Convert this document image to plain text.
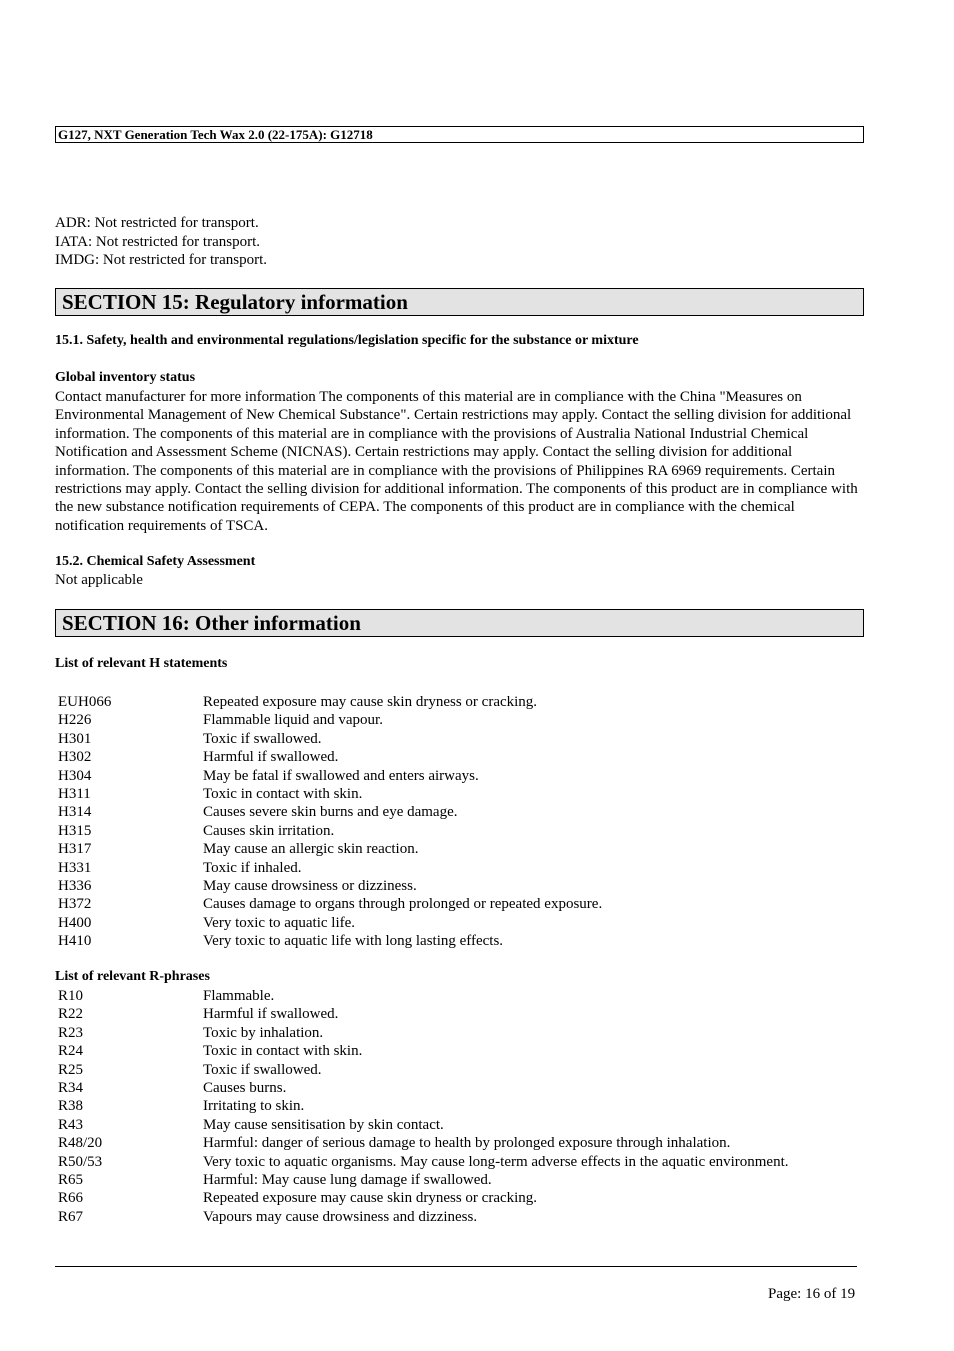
G127, NXT Generation Tech Wax 2.0 (22-175A): G12718
ADR: Not restricted for transport.
IATA: Not restricted for transport.
IMDG: Not restricted for transport.
SECTION 15: Regulatory information
15.1. Safety, health and environmental regulations/legislation specific for the substance or mixture
Global inventory status
Contact manufacturer for more information The components of this material are in compliance with the China "Measures on Environmental Management of New Chemical Substance". Certain restrictions may apply. Contact the selling division for additional information. The components of this material are in compliance with the provisions of Australia National Industrial Chemical Notification and Assessment Scheme (NICNAS). Certain restrictions may apply. Contact the selling division for additional information. The components of this material are in compliance with the provisions of Philippines RA 6969 requirements. Certain restrictions may apply. Contact the selling division for additional information. The components of this product are in compliance with the new substance notification requirements of CEPA. The components of this product are in compliance with the chemical notification requirements of TSCA.
15.2. Chemical Safety Assessment
Not applicable
SECTION 16: Other information
List of relevant H statements
EUH066	Repeated exposure may cause skin dryness or cracking.
H226	Flammable liquid and vapour.
H301	Toxic if swallowed.
H302	Harmful if swallowed.
H304	May be fatal if swallowed and enters airways.
H311	Toxic in contact with skin.
H314	Causes severe skin burns and eye damage.
H315	Causes skin irritation.
H317	May cause an allergic skin reaction.
H331	Toxic if inhaled.
H336	May cause drowsiness or dizziness.
H372	Causes damage to organs through prolonged or repeated exposure.
H400	Very toxic to aquatic life.
H410	Very toxic to aquatic life with long lasting effects.
List of relevant R-phrases
R10	Flammable.
R22	Harmful if swallowed.
R23	Toxic by inhalation.
R24	Toxic in contact with skin.
R25	Toxic if swallowed.
R34	Causes burns.
R38	Irritating to skin.
R43	May cause sensitisation by skin contact.
R48/20	Harmful: danger of serious damage to health by prolonged exposure through inhalation.
R50/53	Very toxic to aquatic organisms. May cause long-term adverse effects in the aquatic environment.
R65	Harmful: May cause lung damage if swallowed.
R66	Repeated exposure may cause skin dryness or cracking.
R67	Vapours may cause drowsiness and dizziness.
Page: 16 of 19
